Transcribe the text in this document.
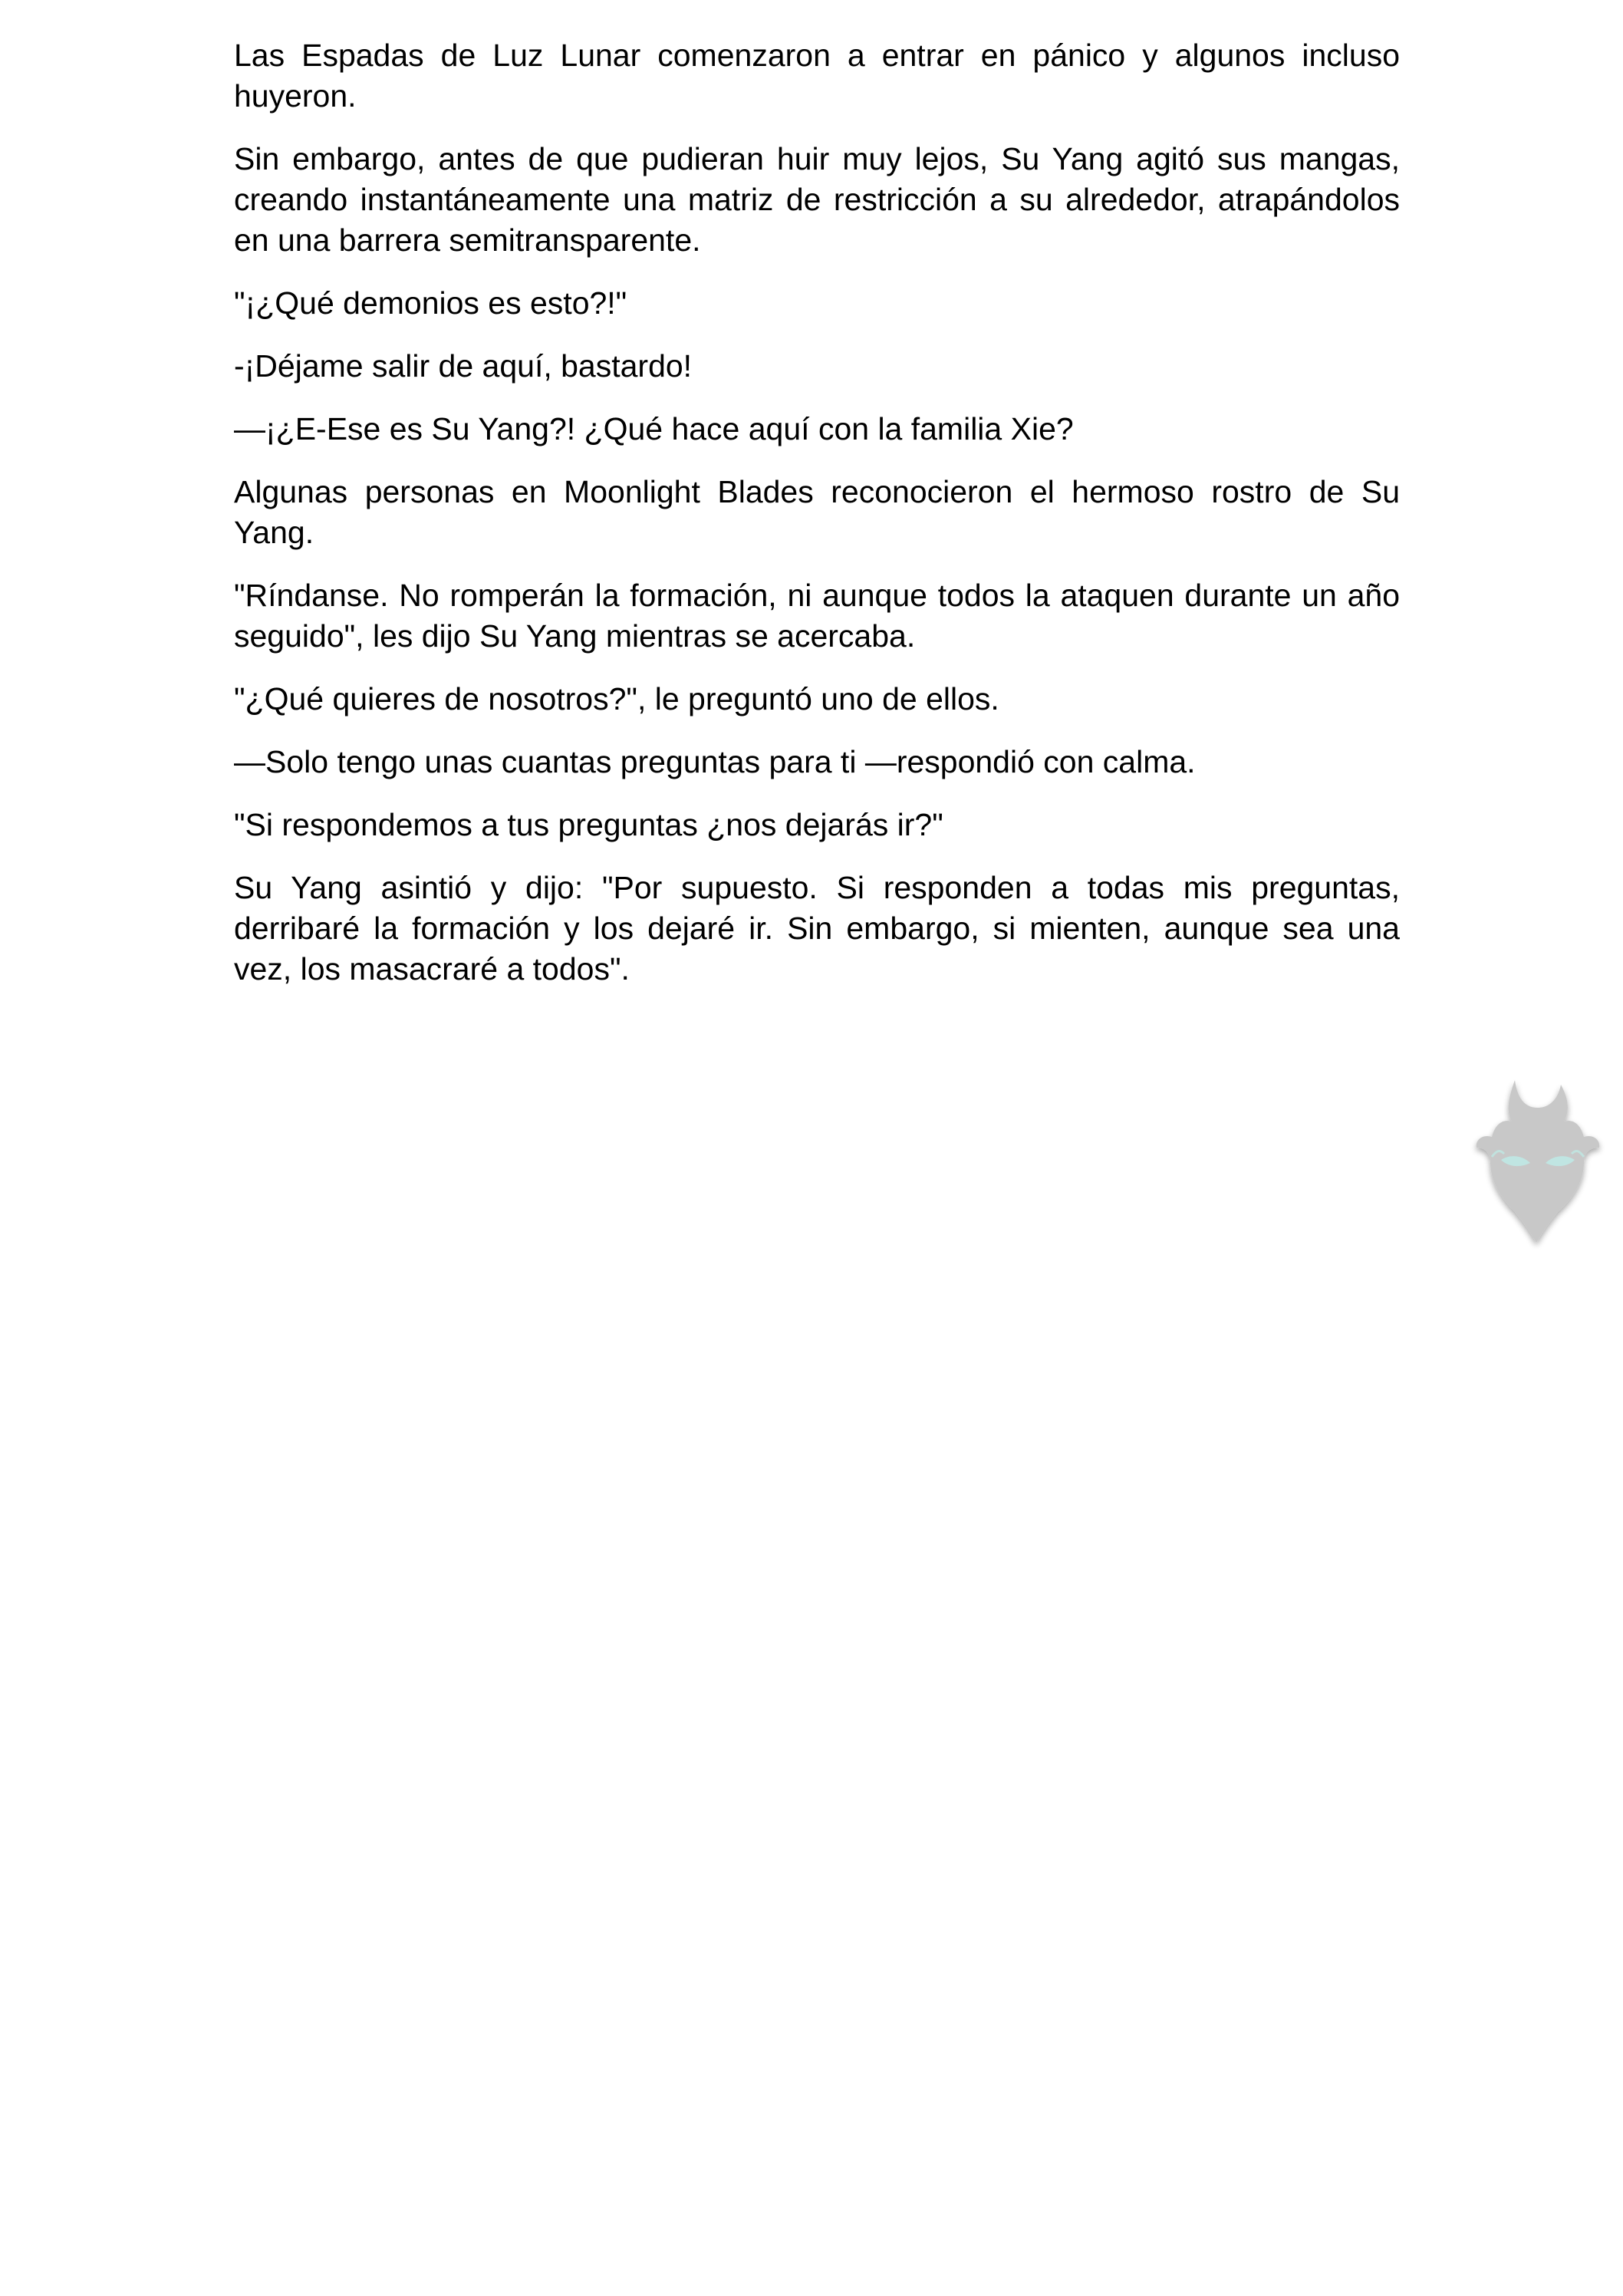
Las Espadas de Luz Lunar comenzaron a entrar en pánico y algunos incluso huyeron.

Sin embargo, antes de que pudieran huir muy lejos, Su Yang agitó sus mangas, creando instantáneamente una matriz de restricción a su alrededor, atrapándolos en una barrera semitransparente.

"¡¿Qué demonios es esto?!"

-¡Déjame salir de aquí, bastardo!

—¡¿E-Ese es Su Yang?! ¿Qué hace aquí con la familia Xie?

Algunas personas en Moonlight Blades reconocieron el hermoso rostro de Su Yang.

"Ríndanse. No romperán la formación, ni aunque todos la ataquen durante un año seguido", les dijo Su Yang mientras se acercaba.

"¿Qué quieres de nosotros?", le preguntó uno de ellos.

—Solo tengo unas cuantas preguntas para ti —respondió con calma.

"Si respondemos a tus preguntas ¿nos dejarás ir?"

Su Yang asintió y dijo: "Por supuesto. Si responden a todas mis preguntas, derribaré la formación y los dejaré ir. Sin embargo, si mienten, aunque sea una vez, los masacraré a todos".
